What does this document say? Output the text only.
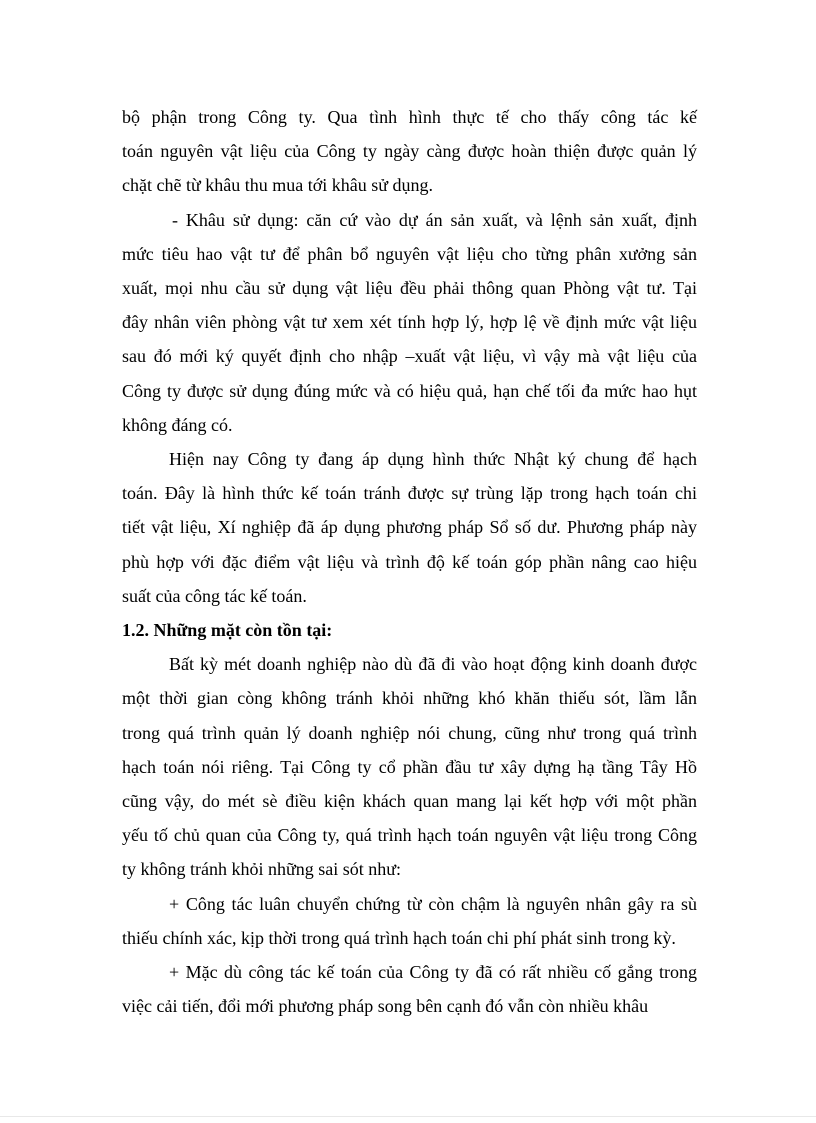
bộ phận trong Công ty. Qua tình hình thực tế cho thấy công tác kế
toán nguyên vật liệu của Công ty ngày càng được hoàn thiện được quản lý
chặt chẽ từ khâu thu mua tới khâu sử dụng.

- Khâu sử dụng: căn cứ vào dự án sản xuất, và lệnh sản xuất, định
mức tiêu hao vật tư để phân bổ nguyên vật liệu cho từng phân xưởng sản
xuất, mọi nhu cầu sử dụng vật liệu đều phải thông quan Phòng vật tư. Tại
đây nhân viên phòng vật tư xem xét tính hợp lý, hợp lệ về định mức vật liệu
sau đó mới ký quyết định cho nhập –xuất vật liệu, vì vậy mà vật liệu của
Công ty được sử dụng đúng mức và có hiệu quả, hạn chế tối đa mức hao hụt
không đáng có.

Hiện nay Công ty đang áp dụng hình thức Nhật ký chung để hạch
toán. Đây là hình thức kế toán tránh được sự trùng lặp trong hạch toán chi
tiết vật liệu, Xí nghiệp đã áp dụng phương pháp Sổ số dư. Phương pháp này
phù hợp với đặc điểm vật liệu và trình độ kế toán góp phần nâng cao hiệu
suất của công tác kế toán.

1.2. Những mặt còn tồn tại:

Bất kỳ mét doanh nghiệp nào dù đã đi vào hoạt động kinh doanh được
một thời gian còng không tránh khỏi những khó khăn thiếu sót, lầm lẫn
trong quá trình quản lý doanh nghiệp nói chung, cũng như trong quá trình
hạch toán nói riêng. Tại Công ty cổ phần đầu tư xây dựng hạ tầng Tây Hồ
cũng vậy, do mét sè điều kiện khách quan mang lại kết hợp với một phần
yếu tố chủ quan của Công ty, quá trình hạch toán nguyên vật liệu trong Công
ty không tránh khỏi những sai sót như:

+ Công tác luân chuyển chứng từ còn chậm là nguyên nhân gây ra sù
thiếu chính xác, kịp thời trong quá trình hạch toán chi phí phát sinh trong kỳ.

+ Mặc dù công tác kế toán của Công ty đã có rất nhiều cố gắng trong
việc cải tiến, đổi mới phương pháp song bên cạnh đó vẫn còn nhiều khâu
